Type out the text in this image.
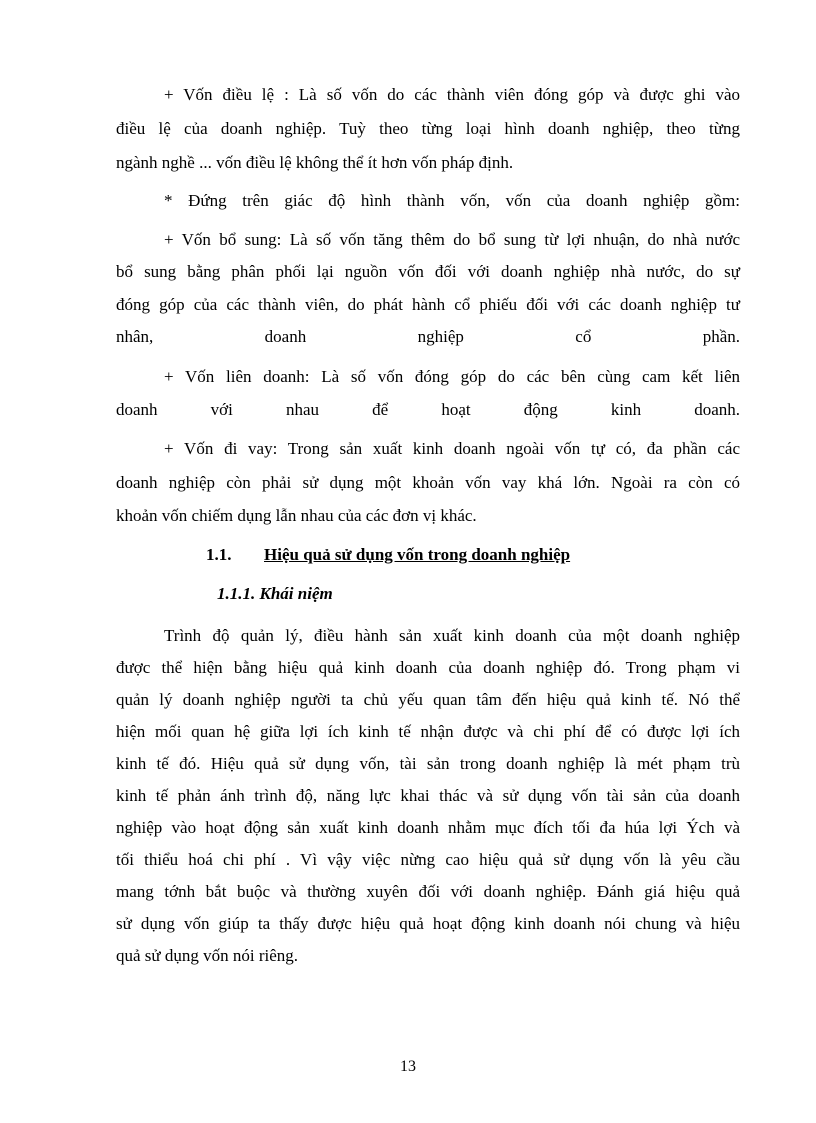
+ Vốn điều lệ : Là số vốn do các thành viên đóng góp và được ghi vào
điều lệ của doanh nghiệp. Tuỳ theo từng loại hình doanh nghiệp, theo từng
ngành nghề ... vốn điều lệ không thể ít hơn vốn pháp định.
* Đứng trên giác độ hình thành vốn, vốn của doanh nghiệp gồm:
+ Vốn bổ sung: Là số vốn tăng thêm do bổ sung từ lợi nhuận, do nhà nước
bổ sung bằng phân phối lại nguồn vốn đối với doanh nghiệp nhà nước, do sự
đóng góp của các thành viên, do phát hành cổ phiếu đối với các doanh nghiệp tư
nhân, doanh nghiệp cổ phần.
+ Vốn liên doanh: Là số vốn đóng góp do các bên cùng cam kết liên
doanh với nhau để hoạt động kinh doanh.
+ Vốn đi vay: Trong sản xuất kinh doanh ngoài vốn tự có, đa phần các
doanh nghiệp còn phải sử dụng một khoản vốn vay khá lớn. Ngoài ra còn có
khoản vốn chiếm dụng lẫn nhau của các đơn vị khác.
1.1. Hiệu quả sử dụng vốn trong doanh nghiệp
1.1.1. Khái niệm
Trình độ quản lý, điều hành sản xuất kinh doanh của một doanh nghiệp
được thể hiện bằng hiệu quả kinh doanh của doanh nghiệp đó. Trong phạm vi
quản lý doanh nghiệp người ta chủ yếu quan tâm đến hiệu quả kinh tế. Nó thể
hiện mối quan hệ giữa lợi ích kinh tế nhận được và chi phí để có được lợi ích
kinh tế đó. Hiệu quả sử dụng vốn, tài sản trong doanh nghiệp là mét phạm trù
kinh tế phản ánh trình độ, năng lực khai thác và sử dụng vốn tài sản của doanh
nghiệp vào hoạt động sản xuất kinh doanh nhằm mục đích tối đa húa lợi Ých và
tối thiểu hoá chi phí . Vì vậy việc nừng cao hiệu quả sử dụng vốn là yêu cầu
mang tớnh bắt buộc và thường xuyên đối với doanh nghiệp. Đánh giá hiệu quả
sử dụng vốn giúp ta thấy được hiệu quả hoạt động kinh doanh nói chung và hiệu
quả sử dụng vốn nói riêng.
13
